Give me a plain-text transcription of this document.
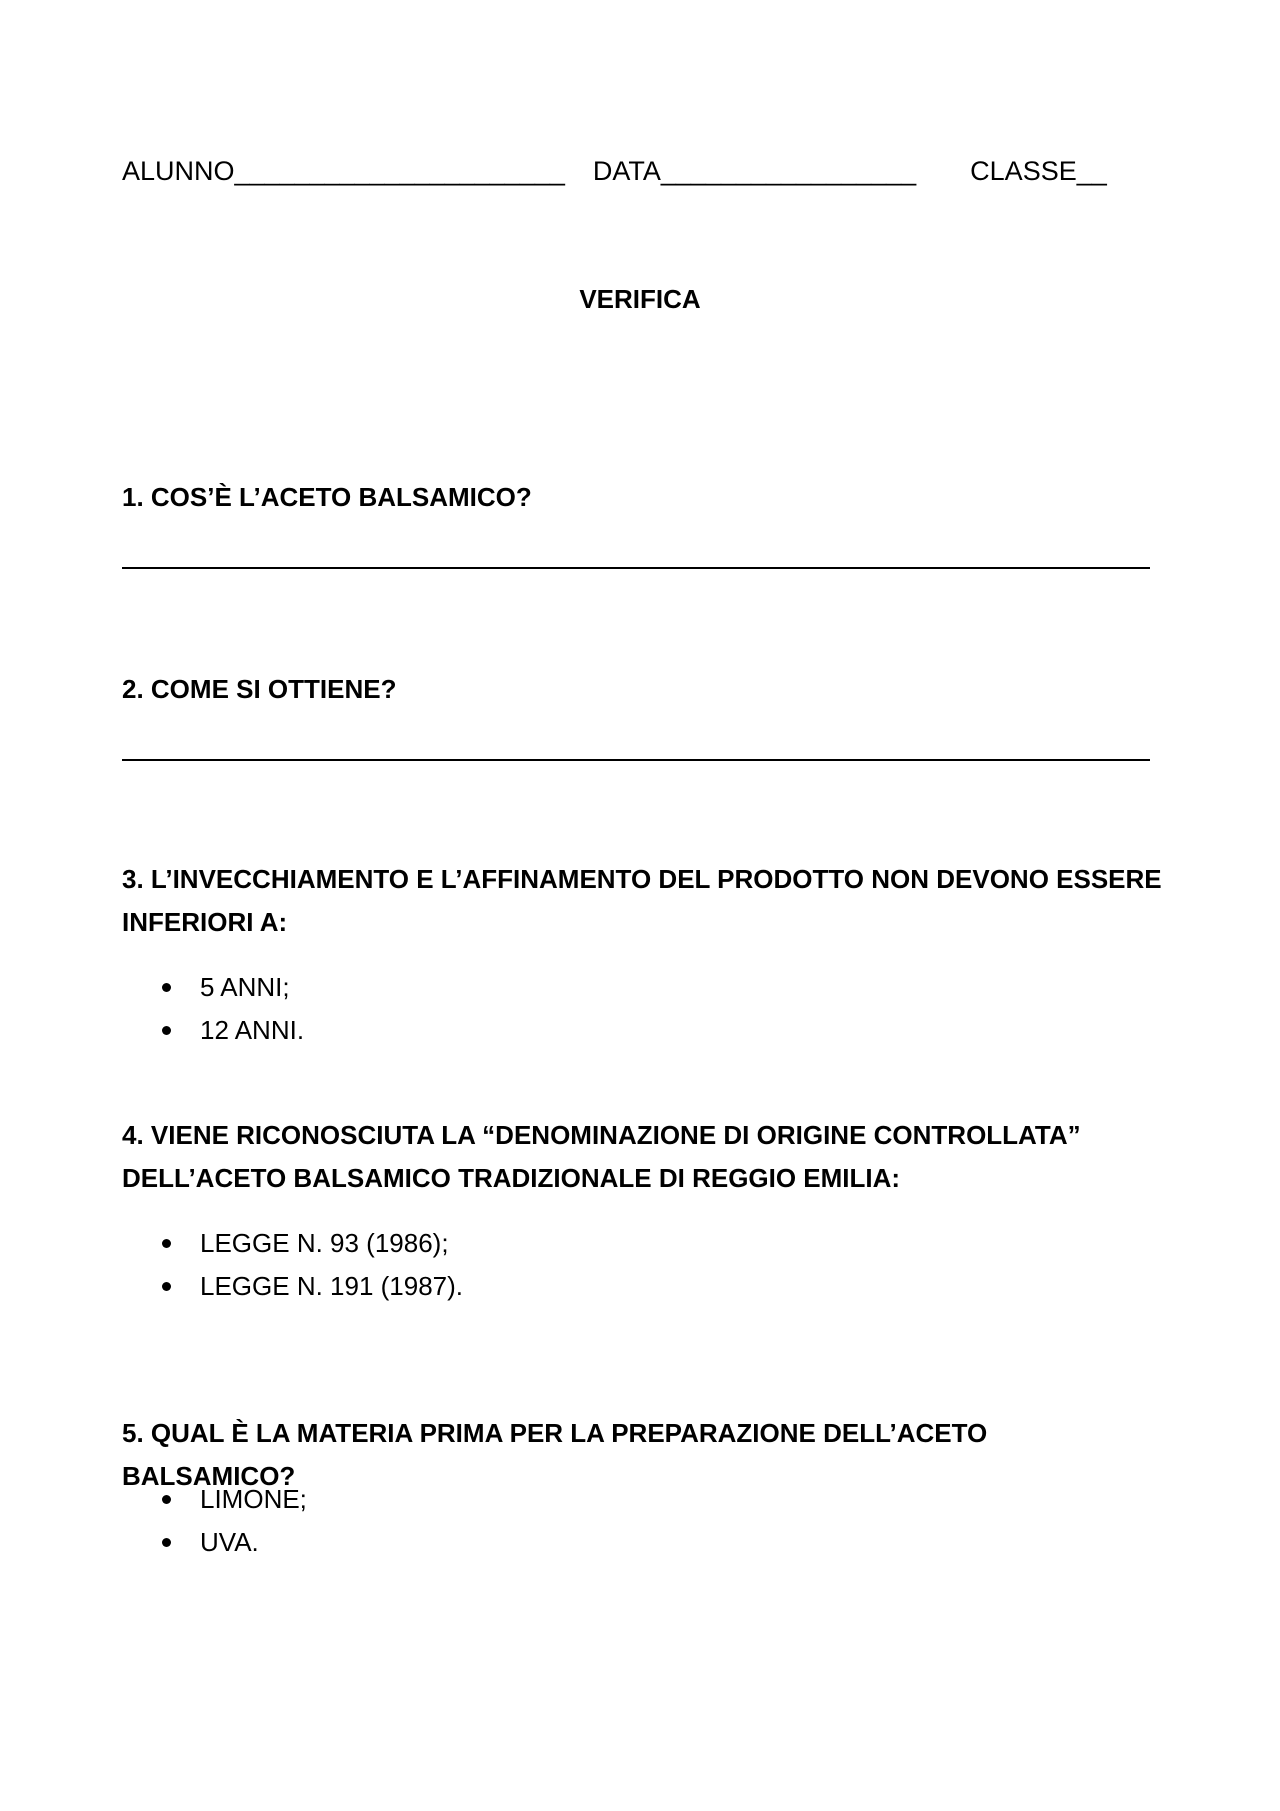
ALUNNO______________________ DATA_________________ CLASSE__
VERIFICA
1. COS’È L’ACETO BALSAMICO?
2. COME SI OTTIENE?
3. L’INVECCHIAMENTO E L’AFFINAMENTO DEL PRODOTTO NON DEVONO ESSERE
INFERIORI A:
5 ANNI;
12 ANNI.
4. VIENE RICONOSCIUTA LA “DENOMINAZIONE DI ORIGINE CONTROLLATA”
DELL’ACETO BALSAMICO TRADIZIONALE DI REGGIO EMILIA:
LEGGE N. 93 (1986);
LEGGE N. 191 (1987).
5. QUAL È LA MATERIA PRIMA PER LA PREPARAZIONE DELL’ACETO BALSAMICO?
LIMONE;
UVA.
